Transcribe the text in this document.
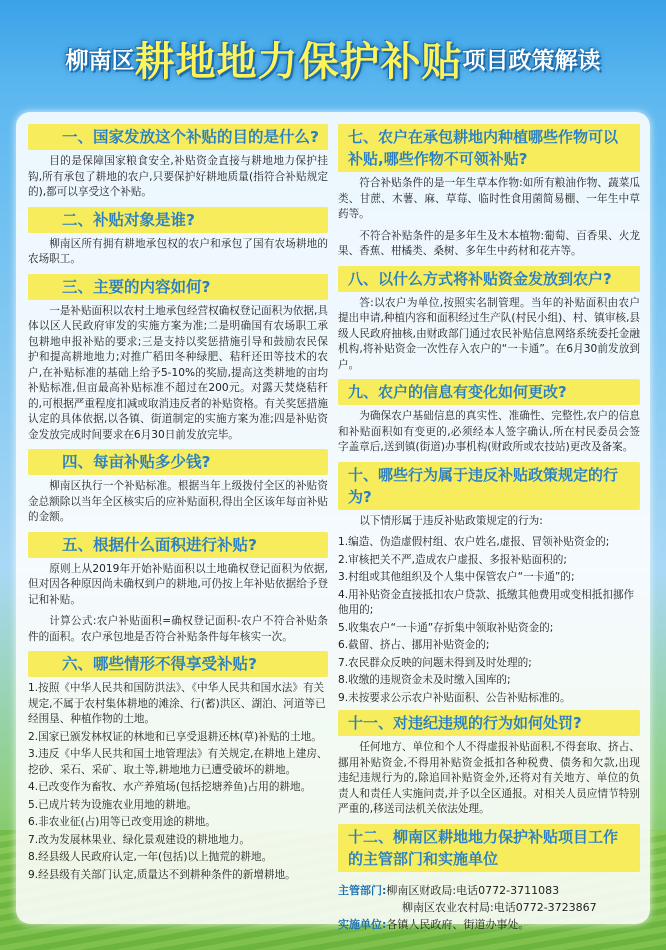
柳南区耕地地力保护补贴项目政策解读
一、国家发放这个补贴的目的是什么?

目的是保障国家粮食安全,补贴资金直接与耕地地力保护挂钩,所有承包了耕地的农户,只要保护好耕地质量(指符合补贴规定的),都可以享受这个补贴。

二、补贴对象是谁?

柳南区所有拥有耕地承包权的农户和承包了国有农场耕地的农场职工。

三、主要的内容如何?

一是补贴面积以农村土地承包经营权确权登记面积为依据,具体以区人民政府审发的实施方案为准;二是明确国有农场职工承包耕地申报补贴的要求;三是支持以奖惩措施引导和鼓励农民保护和提高耕地地力;对推广稻田冬种绿肥、秸秆还田等技术的农户,在补贴标准的基础上给予5-10%的奖励,提高这类耕地的亩均补贴标准,但亩最高补贴标准不超过在200元。对露天焚烧秸秆的,可根据严重程度扣减或取消违反者的补贴资格。有关奖惩措施认定的具体依据,以各镇、街道制定的实施方案为准;四是补贴资金发放完成时间要求在6月30日前发放完毕。

四、每亩补贴多少钱?

柳南区执行一个补贴标准。根据当年上级拨付全区的补贴资金总额除以当年全区核实后的应补贴面积,得出全区该年每亩补贴的金额。

五、根据什么面积进行补贴?

原则上从2019年开始补贴面积以土地确权登记面积为依据,但对因各种原因尚未确权到户的耕地,可仍按上年补贴依据给予登记和补贴。

计算公式:农户补贴面积=确权登记面积-农户不符合补贴条件的面积。农户承包地是否符合补贴条件每年核实一次。

六、哪些情形不得享受补贴?
1.按照《中华人民共和国防洪法》、《中华人民共和国水法》有关规定,不属于农村集体耕地的滩涂、行(蓄)洪区、湖泊、河道等已经围垦、种植作物的土地。
2.国家已颁发林权证的林地和已享受退耕还林(草)补贴的土地。
3.违反《中华人民共和国土地管理法》有关规定,在耕地上建房、挖砂、采石、采矿、取土等,耕地地力已遭受破坏的耕地。
4.已改变作为畜牧、水产养殖场(包括挖塘养鱼)占用的耕地。
5.已成片转为设施农业用地的耕地。
6.非农业征(占)用等已改变用途的耕地。
7.改为发展林果业、绿化景观建设的耕地地力。
8.经县级人民政府认定,一年(包括)以上抛荒的耕地。
9.经县级有关部门认定,质量达不到耕种条件的新增耕地。
七、农户在承包耕地内种植哪些作物可以补贴,哪些作物不可领补贴?

符合补贴条件的是一年生草本作物:如所有粮油作物、蔬菜瓜类、甘蔗、木薯、麻、草莓、临时性食用菌简易棚、一年生中草药等。

不符合补贴条件的是多年生及木本植物:葡萄、百香果、火龙果、香蕉、柑橘类、桑树、多年生中药材和花卉等。

八、以什么方式将补贴资金发放到农户?

答:以农户为单位,按照实名制管理。当年的补贴面积由农户提出申请,种植内容和面积经过生产队(村民小组)、村、镇审核,县级人民政府抽核,由财政部门通过农民补贴信息网络系统委托金融机构,将补贴资金一次性存入农户的“一卡通”。在6月30前发放到户。

九、农户的信息有变化如何更改?

为确保农户基础信息的真实性、准确性、完整性,农户的信息和补贴面积如有变更的,必须经本人签字确认,所在村民委员会签字盖章后,送到镇(街道)办事机构(财政所或农技站)更改及备案。

十、哪些行为属于违反补贴政策规定的行为?

以下情形属于违反补贴政策规定的行为:

1.编造、伪造虚假村组、农户姓名,虚报、冒领补贴资金的;
2.审核把关不严,造成农户虚报、多报补贴面积的;
3.村组或其他组织及个人集中保管农户“一卡通”的;
4.用补贴资金直接抵扣农户贷款、抵缴其他费用或变相抵扣挪作他用的;
5.收集农户“一卡通”存折集中领取补贴资金的;
6.截留、挤占、挪用补贴资金的;
7.农民群众反映的问题未得到及时处理的;
8.收缴的违规资金未及时缴入国库的;
9.未按要求公示农户补贴面积、公告补贴标准的。
十一、对违纪违规的行为如何处罚?

任何地方、单位和个人不得虚报补贴面积,不得套取、挤占、挪用补贴资金,不得用补贴资金抵扣各种税费、债务和欠款,出现违纪违规行为的,除追回补贴资金外,还将对有关地方、单位的负责人和责任人实施问责,并予以全区通报。对相关人员应情节特别严重的,移送司法机关依法处理。

十二、柳南区耕地地力保护补贴项目工作的主管部门和实施单位
主管部门:柳南区财政局:电话0772-3711083
柳南区农业农村局:电话0772-3723867
实施单位:各镇人民政府、街道办事处。
